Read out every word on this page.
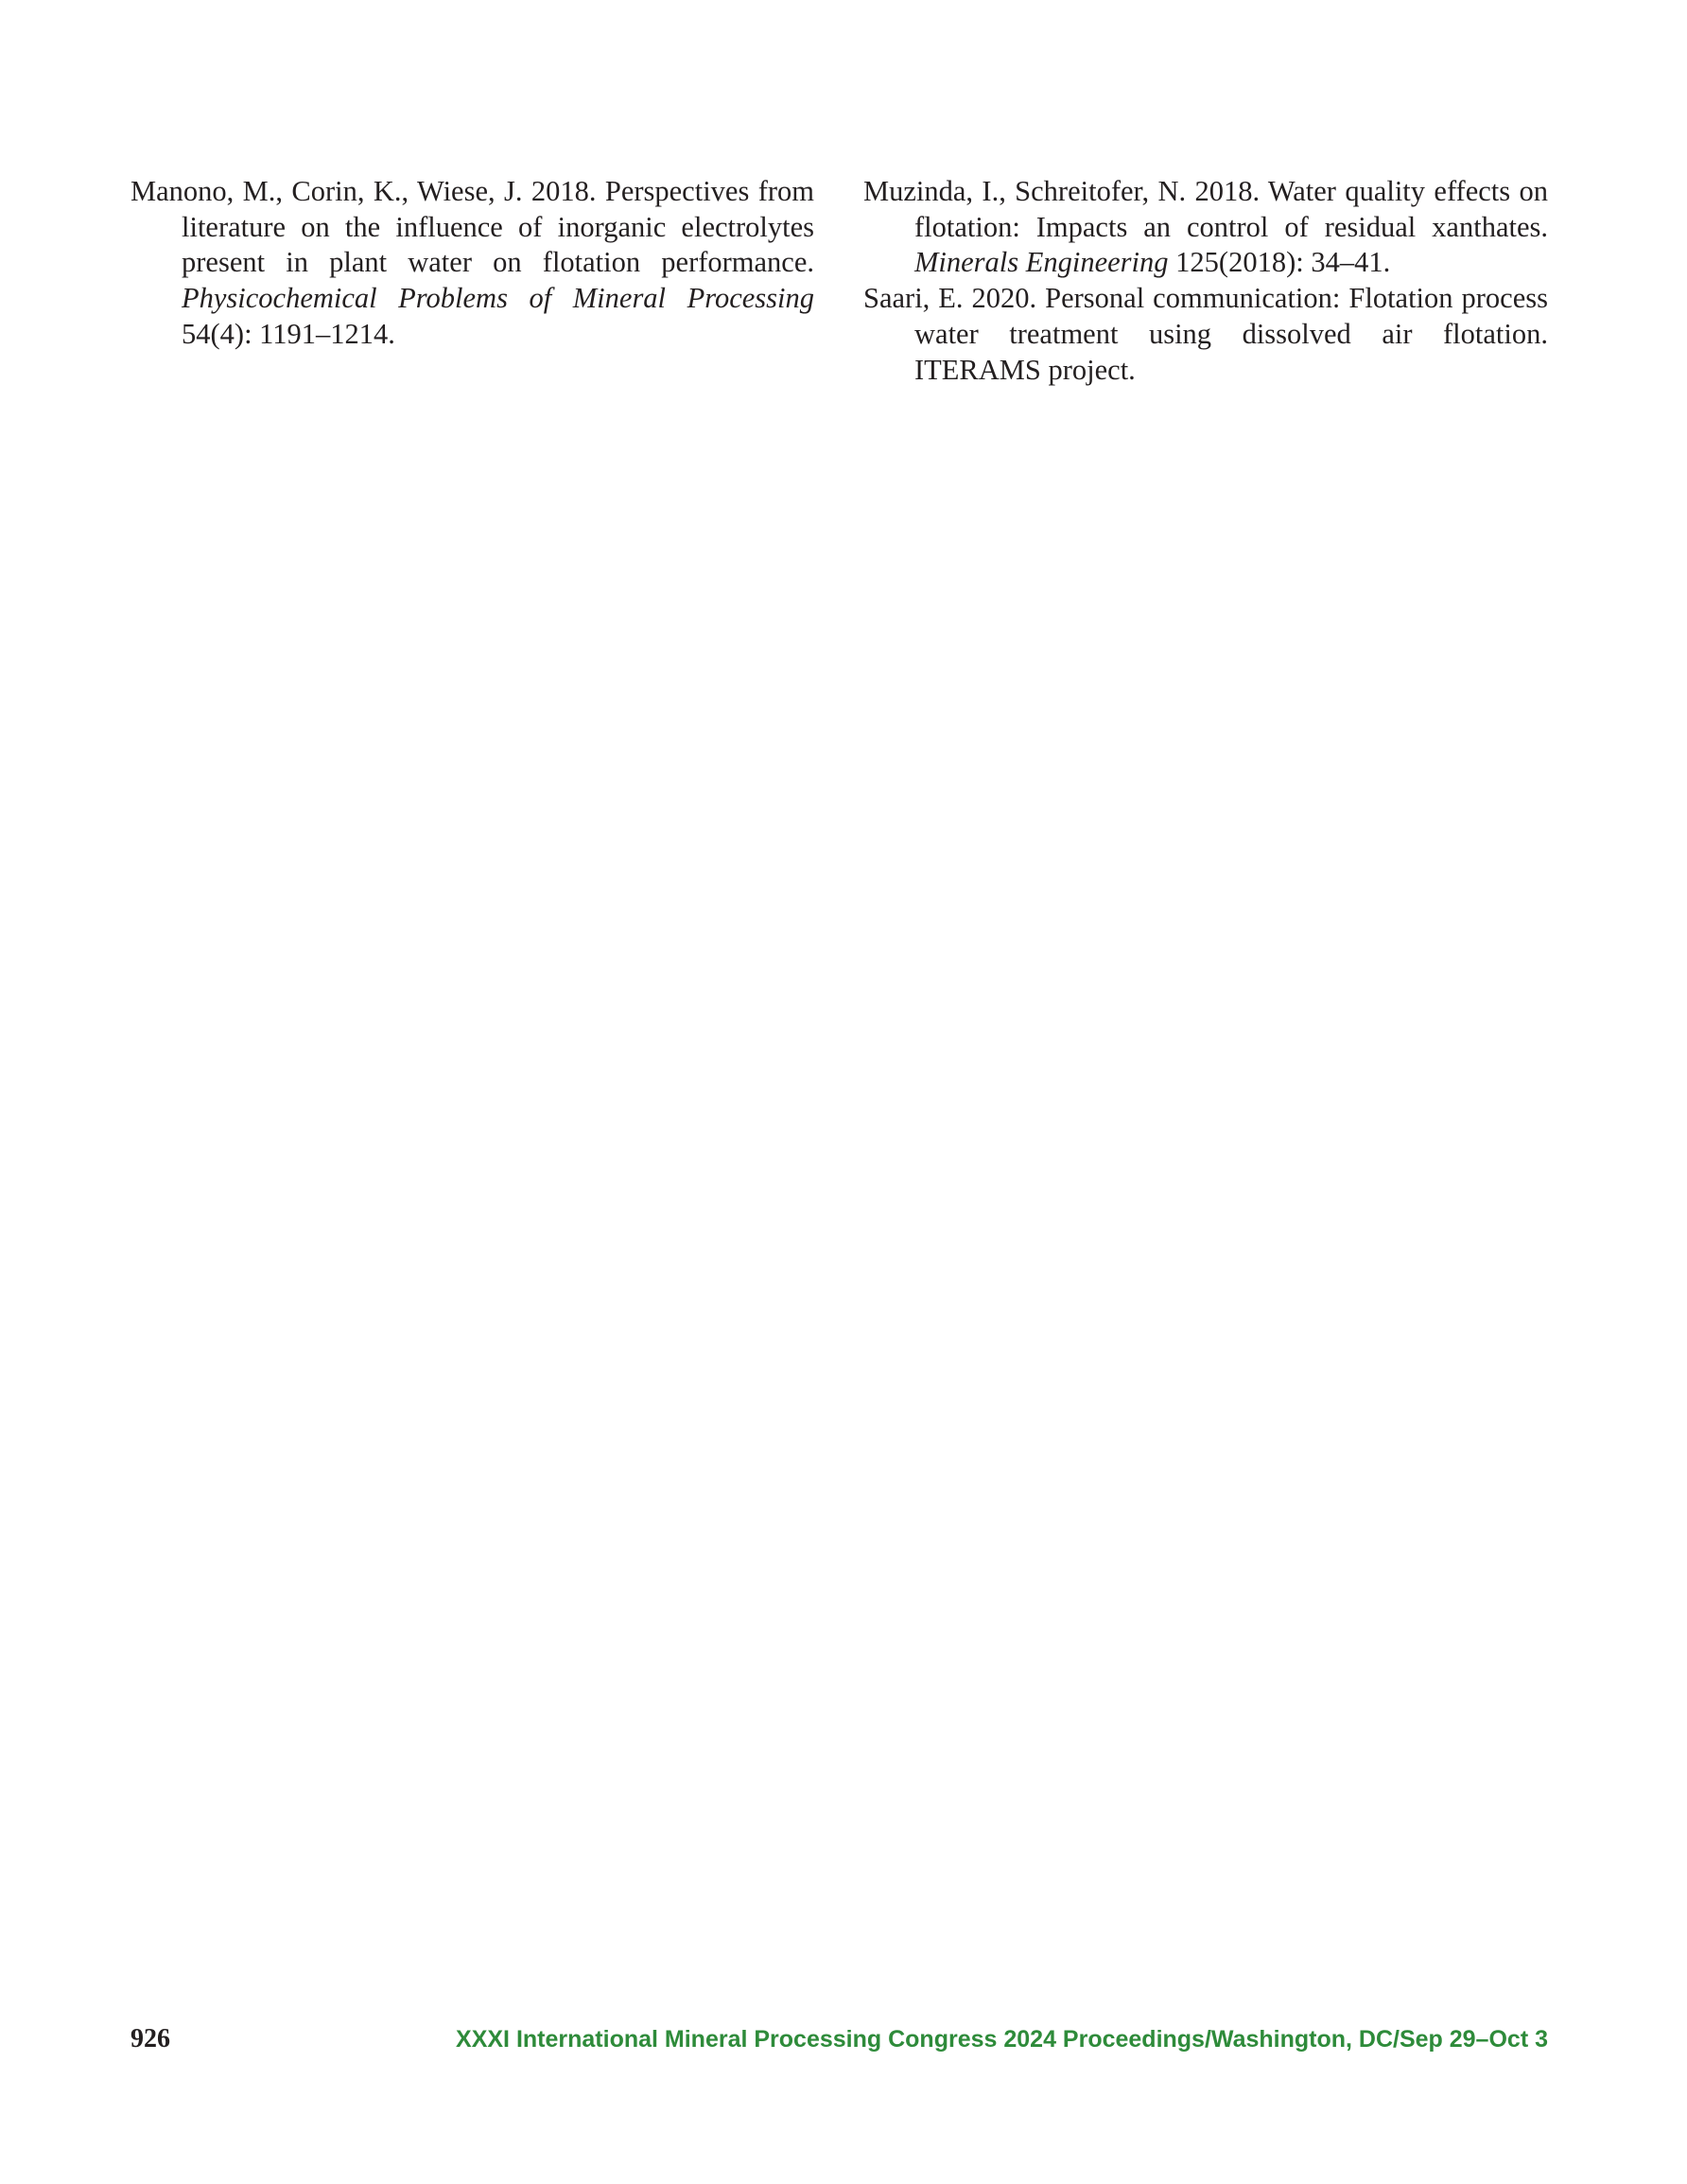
Manono, M., Corin, K., Wiese, J. 2018. Perspectives from literature on the influence of inorganic electrolytes present in plant water on flotation performance. Physicochemical Problems of Mineral Processing 54(4): 1191–1214.

Muzinda, I., Schreitofer, N. 2018. Water quality effects on flotation: Impacts an control of residual xanthates. Minerals Engineering 125(2018): 34–41.

Saari, E. 2020. Personal communication: Flotation process water treatment using dissolved air flotation. ITERAMS project.

926	XXXI International Mineral Processing Congress 2024 Proceedings/Washington, DC/Sep 29–Oct 3
